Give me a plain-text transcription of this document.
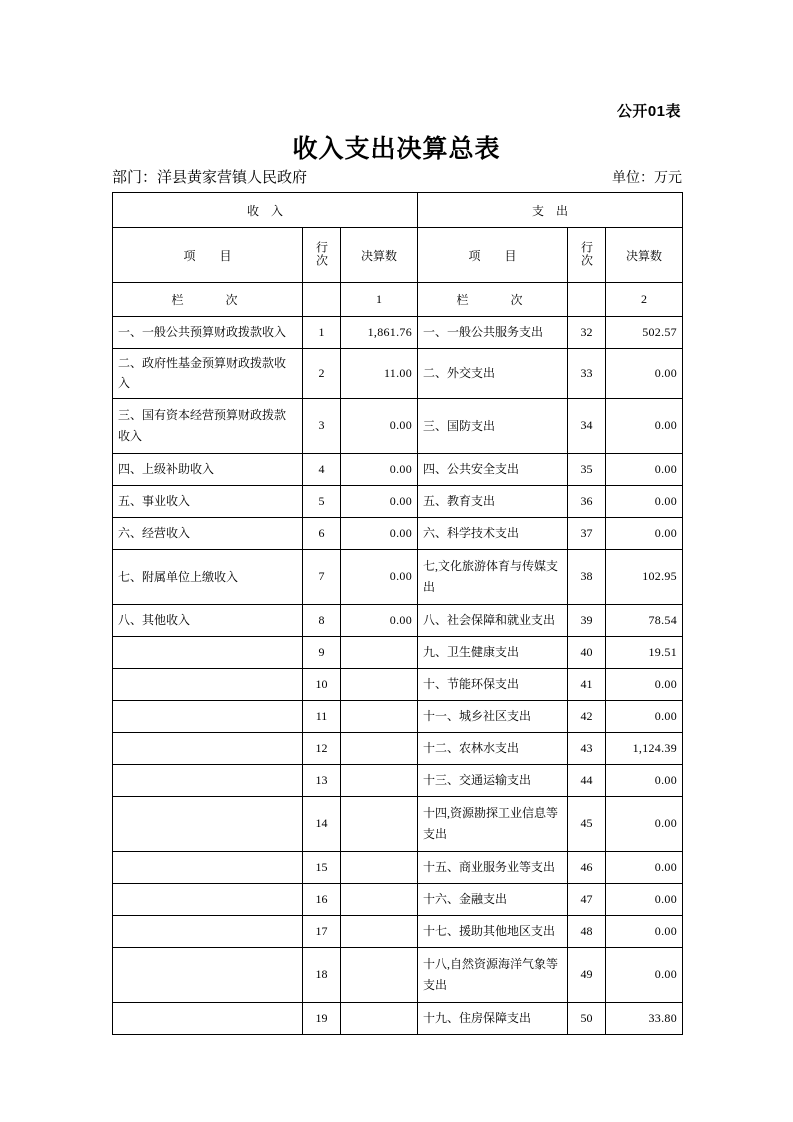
公开01表
收入支出决算总表
部门：洋县黄家营镇人民政府	单位：万元
收　入			支　出		
项　　目	行次	决算数	项　　目	行次	决算数
栏　　次		1	栏　　次		2
一、一般公共预算财政拨款收入	1	1,861.76	一、一般公共服务支出	32	502.57
二、政府性基金预算财政拨款收入	2	11.00	二、外交支出	33	0.00
三、国有资本经营预算财政拨款收入	3	0.00	三、国防支出	34	0.00
四、上级补助收入	4	0.00	四、公共安全支出	35	0.00
五、事业收入	5	0.00	五、教育支出	36	0.00
六、经营收入	6	0.00	六、科学技术支出	37	0.00
七、附属单位上缴收入	7	0.00	七,文化旅游体育与传媒支出	38	102.95
八、其他收入	8	0.00	八、社会保障和就业支出	39	78.54
	9		九、卫生健康支出	40	19.51
	10		十、节能环保支出	41	0.00
	11		十一、城乡社区支出	42	0.00
	12		十二、农林水支出	43	1,124.39
	13		十三、交通运输支出	44	0.00
	14		十四,资源勘探工业信息等支出	45	0.00
	15		十五、商业服务业等支出	46	0.00
	16		十六、金融支出	47	0.00
	17		十七、援助其他地区支出	48	0.00
	18		十八,自然资源海洋气象等支出	49	0.00
	19		十九、住房保障支出	50	33.80
